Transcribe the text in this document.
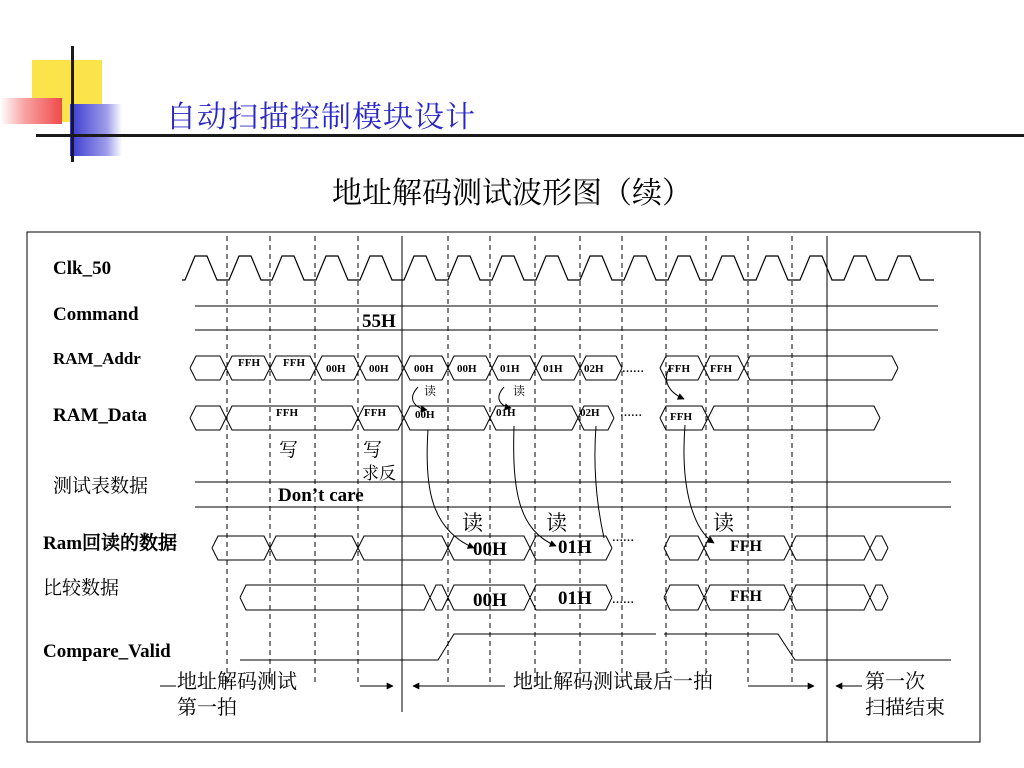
自动扫描控制模块设计
地址解码测试波形图（续）
Clk_50
Command
RAM_Addr
RAM_Data
测试表数据
Ram回读的数据
比较数据
Compare_Valid
55H
FFH FFH 00H 00H 00H 00H 01H 01H 02H …… FFH FFH
FFH	FFH	00H	01H	02H ……	FFH
读	读
写	写
求反
Don’t care
读	读	读
00H	01H ……	FFH
00H	01H ……	FFH
地址解码测试
第一拍
地址解码测试最后一拍	第一次
扫描结束
